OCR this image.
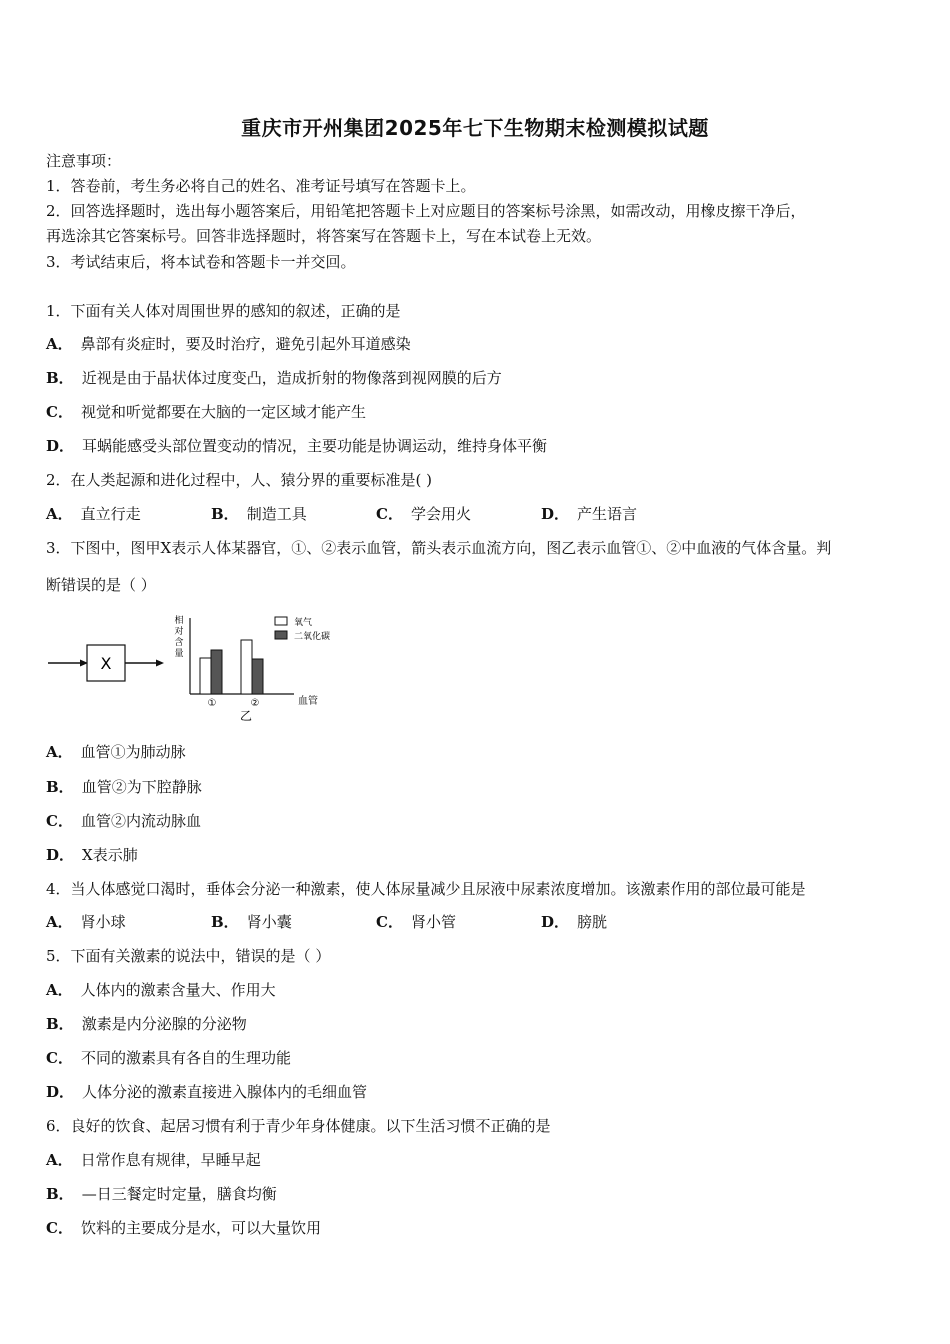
重庆市开州集团2025年七下生物期末检测模拟试题
注意事项：
1．答卷前，考生务必将自己的姓名、准考证号填写在答题卡上。
2．回答选择题时，选出每小题答案后，用铅笔把答题卡上对应题目的答案标号涂黑，如需改动，用橡皮擦干净后，
再选涂其它答案标号。回答非选择题时，将答案写在答题卡上，写在本试卷上无效。
3．考试结束后，将本试卷和答题卡一并交回。
1．下面有关人体对周围世界的感知的叙述，正确的是
A． 鼻部有炎症时，要及时治疗，避免引起外耳道感染
B． 近视是由于晶状体过度变凸，造成折射的物像落到视网膜的后方
C． 视觉和听觉都要在大脑的一定区域才能产生
D． 耳蜗能感受头部位置变动的情况，主要功能是协调运动，维持身体平衡
2．在人类起源和进化过程中，人、猿分界的重要标准是( )
A． 直立行走	B． 制造工具	C． 学会用火	D． 产生语言
3．下图中，图甲X表示人体某器官，①、②表示血管，箭头表示血流方向，图乙表示血管①、②中血液的气体含量。判
断错误的是（ ）
X
相
对
含
量
①	②	血管
乙
氧气
二氧化碳
A． 血管①为肺动脉
B． 血管②为下腔静脉
C． 血管②内流动脉血
D． X表示肺
4．当人体感觉口渴时，垂体会分泌一种激素，使人体尿量减少且尿液中尿素浓度增加。该激素作用的部位最可能是
A． 肾小球	B． 肾小囊	C． 肾小管	D． 膀胱
5．下面有关激素的说法中，错误的是（ ）
A． 人体内的激素含量大、作用大
B． 激素是内分泌腺的分泌物
C． 不同的激素具有各自的生理功能
D． 人体分泌的激素直接进入腺体内的毛细血管
6．良好的饮食、起居习惯有利于青少年身体健康。以下生活习惯不正确的是
A． 日常作息有规律，早睡早起
B． —日三餐定时定量，膳食均衡
C． 饮料的主要成分是水，可以大量饮用
